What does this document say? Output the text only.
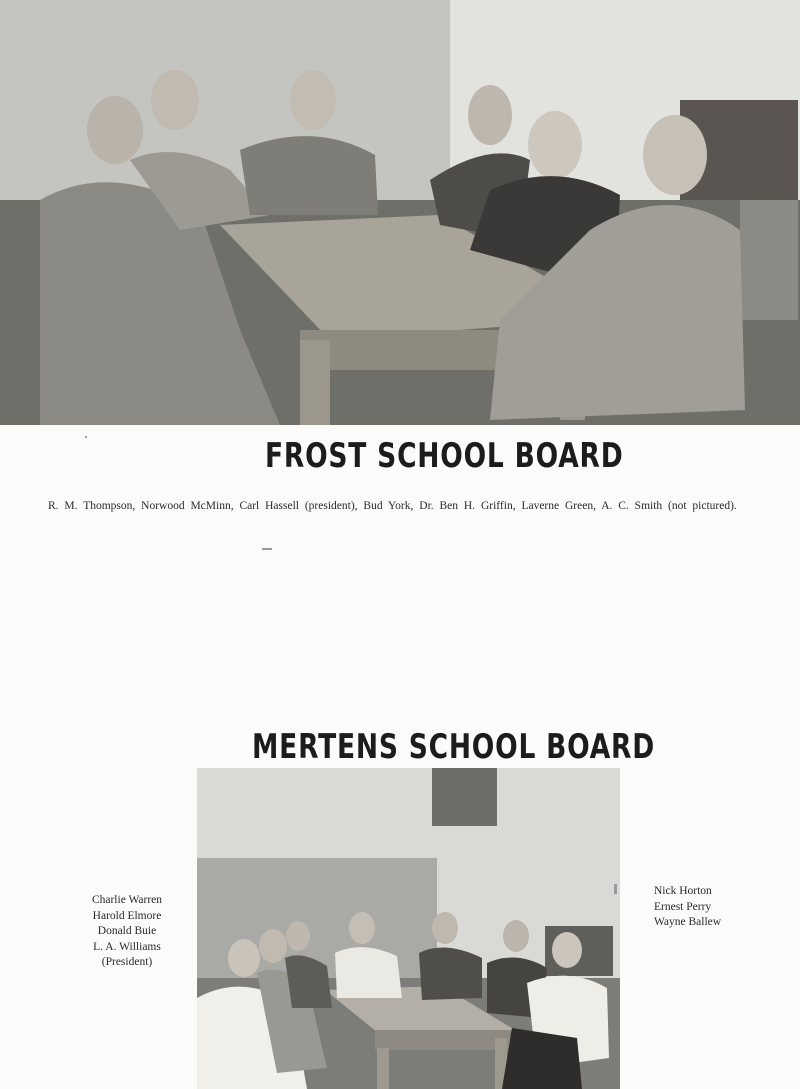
FROST SCHOOL BOARD

R. M. Thompson, Norwood McMinn, Carl Hassell (president), Bud York, Dr. Ben H. Griffin, Laverne Green, A. C. Smith (not pictured).

MERTENS SCHOOL BOARD
Charlie Warren
Harold Elmore
Donald Buie
L. A. Williams
(President)
Nick Horton
Ernest Perry
Wayne Ballew
